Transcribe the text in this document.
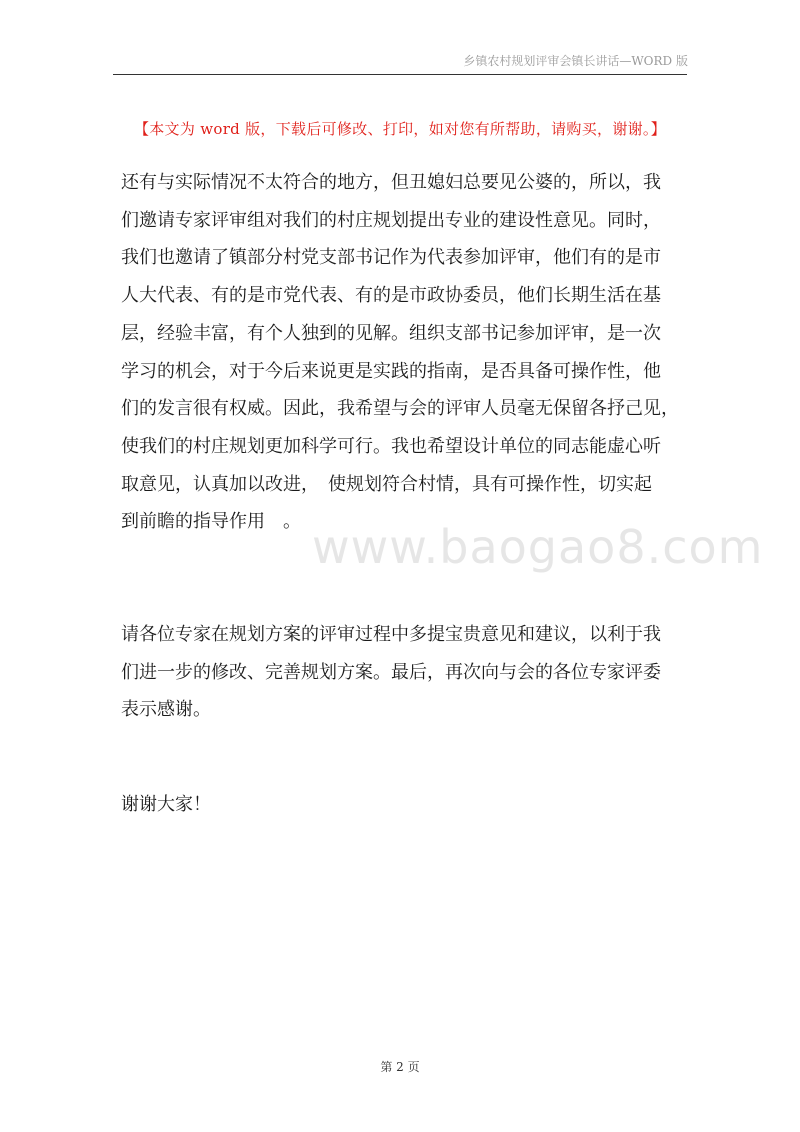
乡镇农村规划评审会镇长讲话—WORD 版
【本文为 word 版，下载后可修改、打印，如对您有所帮助，请购买，谢谢。】
www.baogao8.com
还有与实际情况不太符合的地方，但丑媳妇总要见公婆的，所以，我
们邀请专家评审组对我们的村庄规划提出专业的建设性意见。同时，
我们也邀请了镇部分村党支部书记作为代表参加评审，他们有的是市
人大代表、有的是市党代表、有的是市政协委员，他们长期生活在基
层，经验丰富，有个人独到的见解。组织支部书记参加评审，是一次
学习的机会，对于今后来说更是实践的指南，是否具备可操作性，他
们的发言很有权威。因此，我希望与会的评审人员毫无保留各抒己见，
使我们的村庄规划更加科学可行。我也希望设计单位的同志能虚心听
取意见，认真加以改进，　使规划符合村情，具有可操作性，切实起
到前瞻的指导作用　。
请各位专家在规划方案的评审过程中多提宝贵意见和建议，以利于我
们进一步的修改、完善规划方案。最后，再次向与会的各位专家评委
表示感谢。
谢谢大家！
第 2 页
